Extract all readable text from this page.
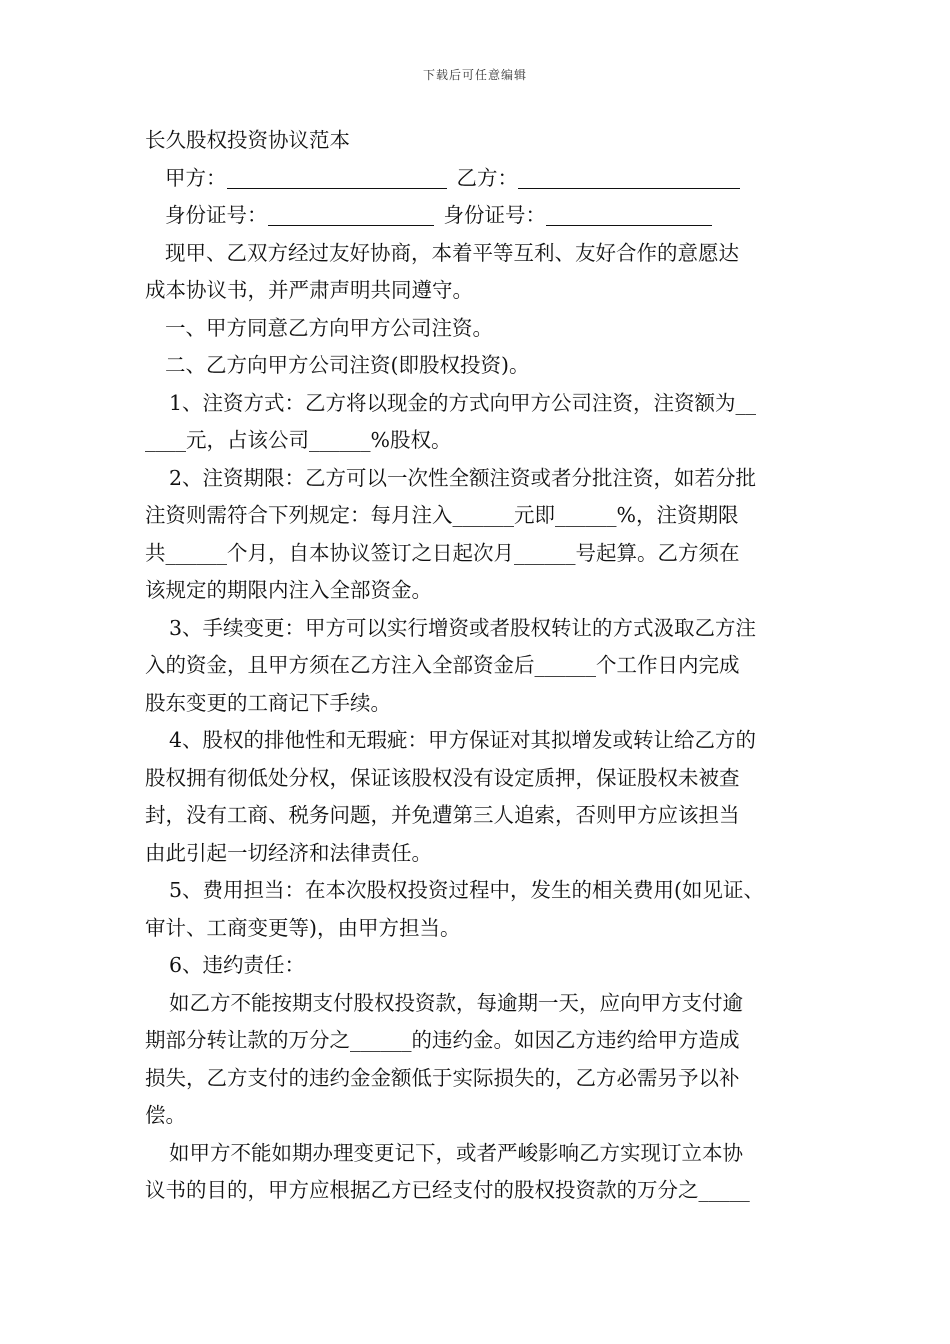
下载后可任意编辑
长久股权投资协议范本
甲方：	乙方：
身份证号：	身份证号：
现甲、乙双方经过友好协商，本着平等互利、友好合作的意愿达
成本协议书，并严肃声明共同遵守。
一、甲方同意乙方向甲方公司注资。
二、乙方向甲方公司注资(即股权投资)。
1、注资方式：乙方将以现金的方式向甲方公司注资，注资额为__
____元，占该公司______%股权。
2、注资期限：乙方可以一次性全额注资或者分批注资，如若分批
注资则需符合下列规定：每月注入______元即______%，注资期限
共______个月，自本协议签订之日起次月______号起算。乙方须在
该规定的期限内注入全部资金。
3、手续变更：甲方可以实行增资或者股权转让的方式汲取乙方注
入的资金，且甲方须在乙方注入全部资金后______个工作日内完成
股东变更的工商记下手续。
4、股权的排他性和无瑕疵：甲方保证对其拟增发或转让给乙方的
股权拥有彻低处分权，保证该股权没有设定质押，保证股权未被查
封，没有工商、税务问题，并免遭第三人追索，否则甲方应该担当
由此引起一切经济和法律责任。
5、费用担当：在本次股权投资过程中，发生的相关费用(如见证、
审计、工商变更等)，由甲方担当。
6、违约责任：
如乙方不能按期支付股权投资款，每逾期一天，应向甲方支付逾
期部分转让款的万分之______的违约金。如因乙方违约给甲方造成
损失，乙方支付的违约金金额低于实际损失的，乙方必需另予以补
偿。
如甲方不能如期办理变更记下，或者严峻影响乙方实现订立本协
议书的目的，甲方应根据乙方已经支付的股权投资款的万分之_____
